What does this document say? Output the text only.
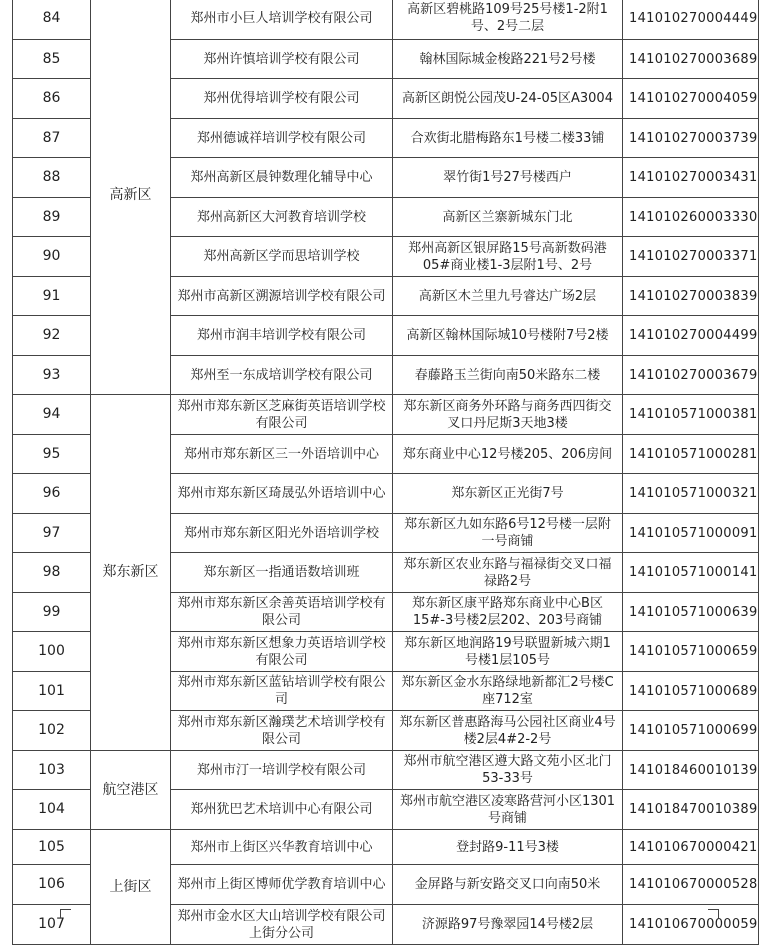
84	高新区	郑州市小巨人培训学校有限公司	高新区碧桃路109号25号楼1-2附1号、2号二层	141010270004449
85		郑州许慎培训学校有限公司	翰林国际城金梭路221号2号楼	141010270003689
86		郑州优得培训学校有限公司	高新区朗悦公园茂U-24-05区A3004	141010270004059
87		郑州德诚祥培训学校有限公司	合欢街北腊梅路东1号楼二楼33铺	141010270003739
88		郑州高新区晨钟数理化辅导中心	翠竹街1号27号楼西户	141010270003431
89		郑州高新区大河教育培训学校	高新区兰寨新城东门北	141010260003330
90		郑州高新区学而思培训学校	郑州高新区银屏路15号高新数码港05#商业楼1-3层附1号、2号	141010270003371
91		郑州市高新区溯源培训学校有限公司	高新区木兰里九号睿达广场2层	141010270003839
92		郑州市润丰培训学校有限公司	高新区翰林国际城10号楼附7号2楼	141010270004499
93		郑州至一东成培训学校有限公司	春藤路玉兰街向南50米路东二楼	141010270003679
94	郑东新区	郑州市郑东新区芝麻街英语培训学校有限公司	郑东新区商务外环路与商务西四街交叉口丹尼斯3天地3楼	141010571000381
95		郑州市郑东新区三一外语培训中心	郑东商业中心12号楼205、206房间	141010571000281
96		郑州市郑东新区琦晟弘外语培训中心	郑东新区正光街7号	141010571000321
97		郑州市郑东新区阳光外语培训学校	郑东新区九如东路6号12号楼一层附一号商铺	141010571000091
98		郑东新区一指通语数培训班	郑东新区农业东路与福禄街交叉口福禄路2号	141010571000141
99		郑州市郑东新区余善英语培训学校有限公司	郑东新区康平路郑东商业中心B区15#-3号楼2层202、203号商铺	141010571000639
100		郑州市郑东新区想象力英语培训学校有限公司	郑东新区地润路19号联盟新城六期1号楼1层105号	141010571000659
101		郑州市郑东新区蓝钻培训学校有限公司	郑东新区金水东路绿地新都汇2号楼C座712室	141010571000689
102		郑州市郑东新区瀚璞艺术培训学校有限公司	郑东新区普惠路海马公园社区商业4号楼2层4#2-2号	141010571000699
103	航空港区	郑州市汀一培训学校有限公司	郑州市航空港区遵大路文苑小区北门53-33号	141018460010139
104		郑州犹巴艺术培训中心有限公司	郑州市航空港区凌寒路营河小区1301号商铺	141018470010389
105	上街区	郑州市上街区兴华教育培训中心	登封路9-11号3楼	141010670000421
106		郑州市上街区博师优学教育培训中心	金屏路与新安路交叉口向南50米	141010670000528
107		郑州市金水区大山培训学校有限公司上街分公司	济源路97号豫翠园14号楼2层	141010670000059
